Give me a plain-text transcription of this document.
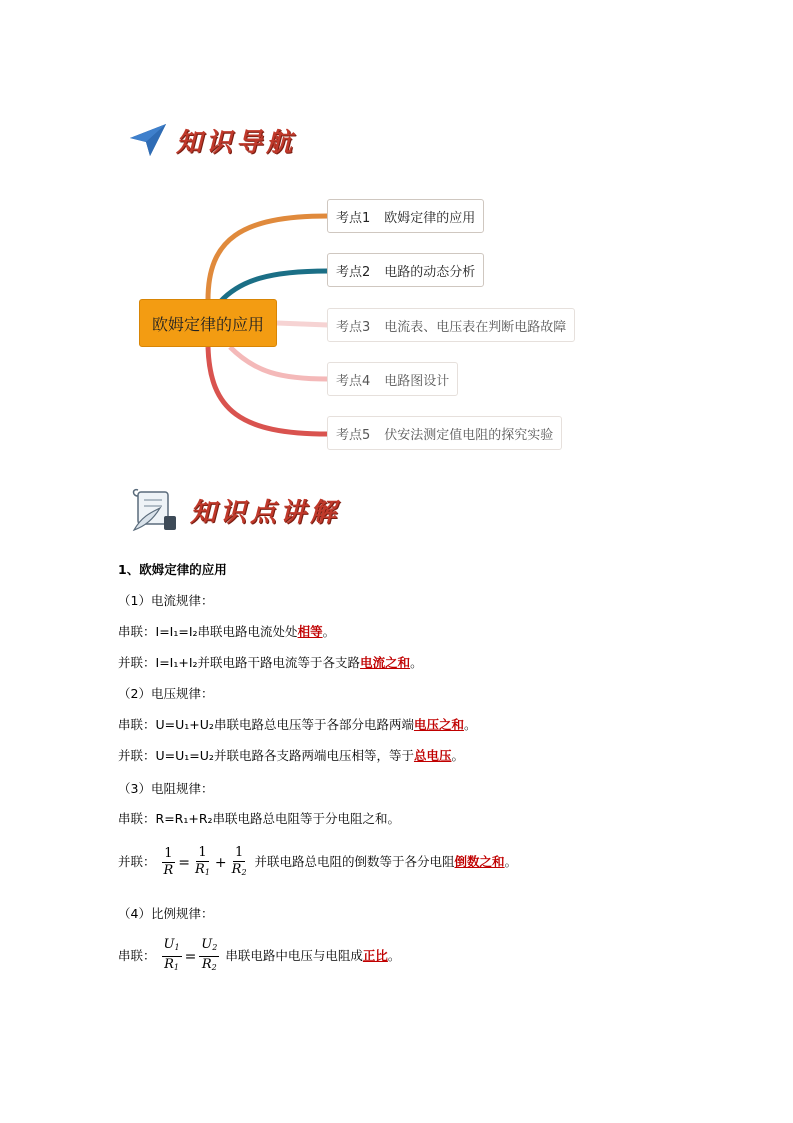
知识导航
欧姆定律的应用
考点1 欧姆定律的应用
考点2 电路的动态分析
考点3 电流表、电压表在判断电路故障
考点4 电路图设计
考点5 伏安法测定值电阻的探究实验
知识点讲解
1、欧姆定律的应用
（1）电流规律：
串联：I=I₁=I₂串联电路电流处处相等。
并联：I=I₁+I₂并联电路干路电流等于各支路电流之和。
（2）电压规律：
串联：U=U₁+U₂串联电路总电压等于各部分电路两端电压之和。
并联：U=U₁=U₂并联电路各支路两端电压相等，等于总电压。
（3）电阻规律：
串联：R=R₁+R₂串联电路总电阻等于分电阻之和。
并联： $\frac{1}{R} = \frac{1}{R_1} + \frac{1}{R_2}$ 并联电路总电阻的倒数等于各分电阻倒数之和。
（4）比例规律：
串联： $\frac{U_1}{R_1} = \frac{U_2}{R_2}$ 串联电路中电压与电阻成正比。
